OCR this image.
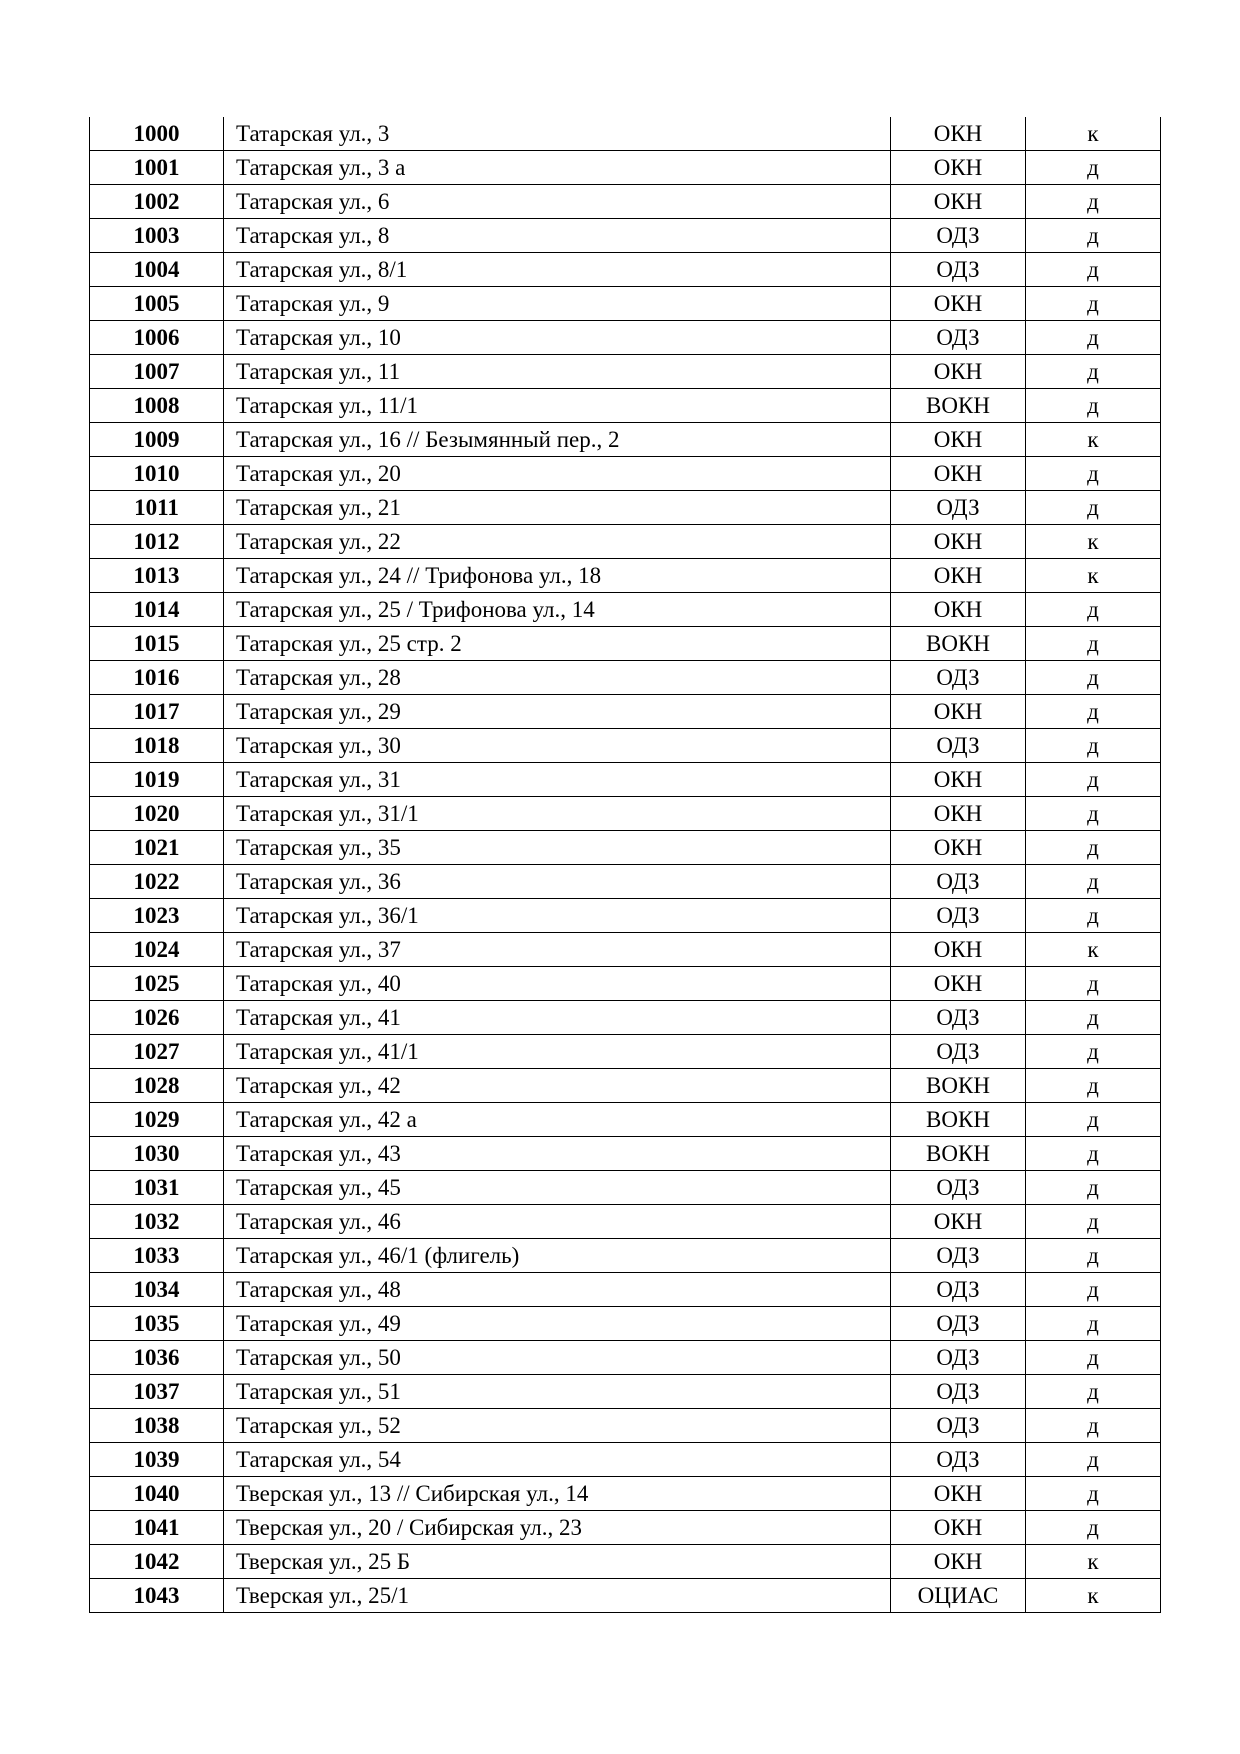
1000	Татарская ул., 3	ОКН	к
1001	Татарская ул., 3 а	ОКН	д
1002	Татарская ул., 6	ОКН	д
1003	Татарская ул., 8	ОДЗ	д
1004	Татарская ул., 8/1	ОДЗ	д
1005	Татарская ул., 9	ОКН	д
1006	Татарская ул., 10	ОДЗ	д
1007	Татарская ул., 11	ОКН	д
1008	Татарская ул., 11/1	ВОКН	д
1009	Татарская ул., 16 // Безымянный пер., 2	ОКН	к
1010	Татарская ул., 20	ОКН	д
1011	Татарская ул., 21	ОДЗ	д
1012	Татарская ул., 22	ОКН	к
1013	Татарская ул., 24 // Трифонова ул., 18	ОКН	к
1014	Татарская ул., 25 / Трифонова ул., 14	ОКН	д
1015	Татарская ул., 25 стр. 2	ВОКН	д
1016	Татарская ул., 28	ОДЗ	д
1017	Татарская ул., 29	ОКН	д
1018	Татарская ул., 30	ОДЗ	д
1019	Татарская ул., 31	ОКН	д
1020	Татарская ул., 31/1	ОКН	д
1021	Татарская ул., 35	ОКН	д
1022	Татарская ул., 36	ОДЗ	д
1023	Татарская ул., 36/1	ОДЗ	д
1024	Татарская ул., 37	ОКН	к
1025	Татарская ул., 40	ОКН	д
1026	Татарская ул., 41	ОДЗ	д
1027	Татарская ул., 41/1	ОДЗ	д
1028	Татарская ул., 42	ВОКН	д
1029	Татарская ул., 42 а	ВОКН	д
1030	Татарская ул., 43	ВОКН	д
1031	Татарская ул., 45	ОДЗ	д
1032	Татарская ул., 46	ОКН	д
1033	Татарская ул., 46/1 (флигель)	ОДЗ	д
1034	Татарская ул., 48	ОДЗ	д
1035	Татарская ул., 49	ОДЗ	д
1036	Татарская ул., 50	ОДЗ	д
1037	Татарская ул., 51	ОДЗ	д
1038	Татарская ул., 52	ОДЗ	д
1039	Татарская ул., 54	ОДЗ	д
1040	Тверская ул., 13 // Сибирская ул., 14	ОКН	д
1041	Тверская ул., 20 / Сибирская ул., 23	ОКН	д
1042	Тверская ул., 25 Б	ОКН	к
1043	Тверская ул., 25/1	ОЦИАС	к
